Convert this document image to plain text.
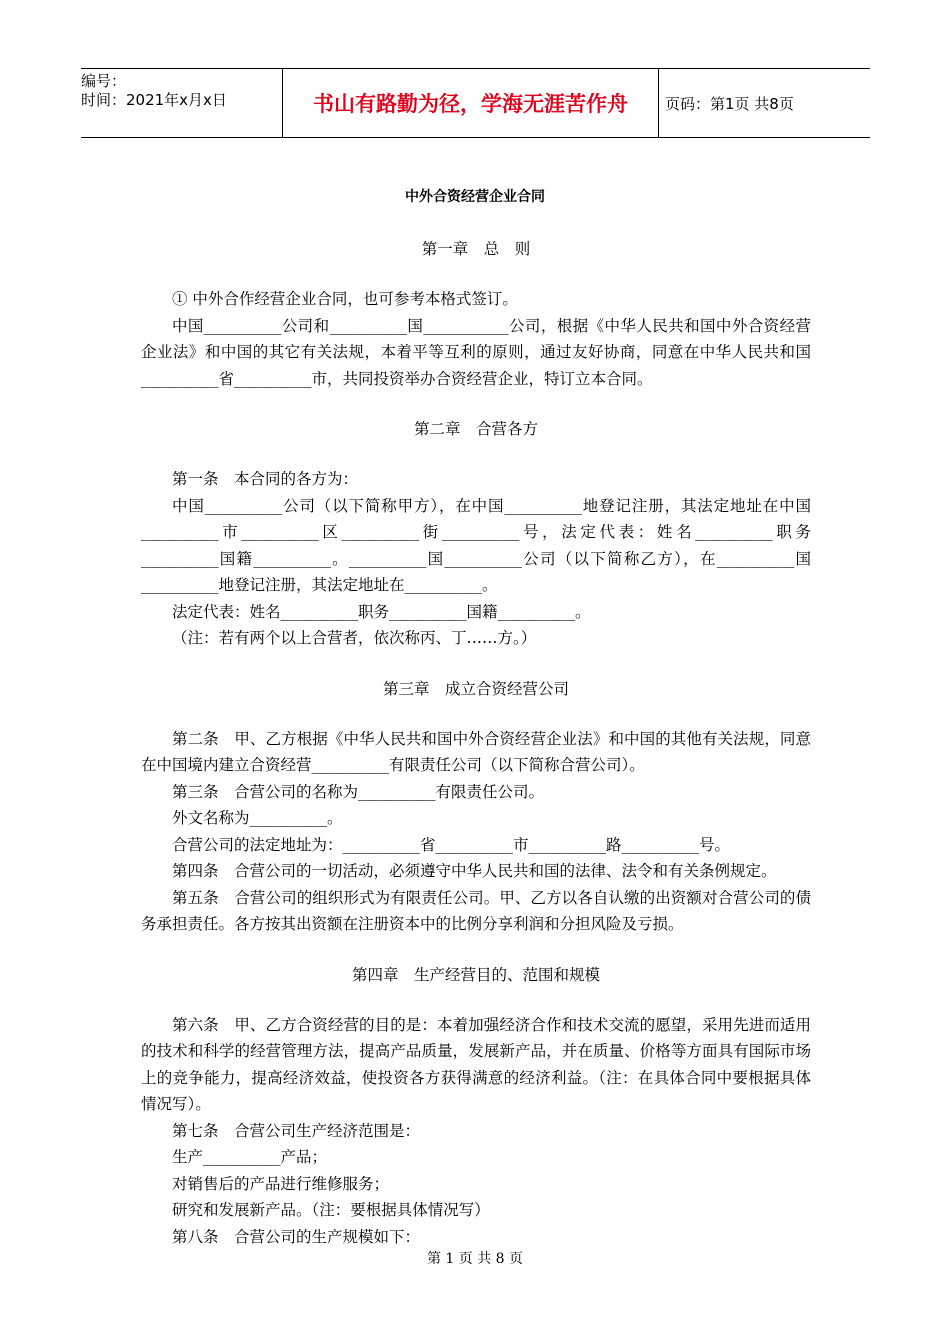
编号：
时间：2021年x月x日	书山有路勤为径，学海无涯苦作舟	页码：第1页 共8页
中外合资经营企业合同
第一章　总　则

① 中外合作经营企业合同，也可参考本格式签订。

中国__________公司和__________国___________公司，根据《中华人民共和国中外合资经营企业法》和中国的其它有关法规，本着平等互利的原则，通过友好协商，同意在中华人民共和国__________省__________市，共同投资举办合资经营企业，特订立本合同。

第二章　合营各方

第一条　本合同的各方为：

中国__________公司（以下简称甲方），在中国__________地登记注册，其法定地址在中国__________市__________区__________街__________号，法定代表：姓名__________职务__________国籍__________。__________国__________公司（以下简称乙方），在__________国__________地登记注册，其法定地址在__________。

法定代表：姓名__________职务__________国籍__________。

（注：若有两个以上合营者，依次称丙、丁……方。）

第三章　成立合资经营公司

第二条　甲、乙方根据《中华人民共和国中外合资经营企业法》和中国的其他有关法规，同意在中国境内建立合资经营__________有限责任公司（以下简称合营公司）。

第三条　合营公司的名称为__________有限责任公司。

外文名称为__________。

合营公司的法定地址为：__________省__________市__________路__________号。

第四条　合营公司的一切活动，必须遵守中华人民共和国的法律、法令和有关条例规定。

第五条　合营公司的组织形式为有限责任公司。甲、乙方以各自认缴的出资额对合营公司的债务承担责任。各方按其出资额在注册资本中的比例分享利润和分担风险及亏损。

第四章　生产经营目的、范围和规模

第六条　甲、乙方合资经营的目的是：本着加强经济合作和技术交流的愿望，采用先进而适用的技术和科学的经营管理方法，提高产品质量，发展新产品，并在质量、价格等方面具有国际市场上的竞争能力，提高经济效益，使投资各方获得满意的经济利益。（注：在具体合同中要根据具体情况写）。

第七条　合营公司生产经济范围是：

生产__________产品；

对销售后的产品进行维修服务；

研究和发展新产品。（注：要根据具体情况写）

第八条　合营公司的生产规模如下：

第 1 页 共 8 页
